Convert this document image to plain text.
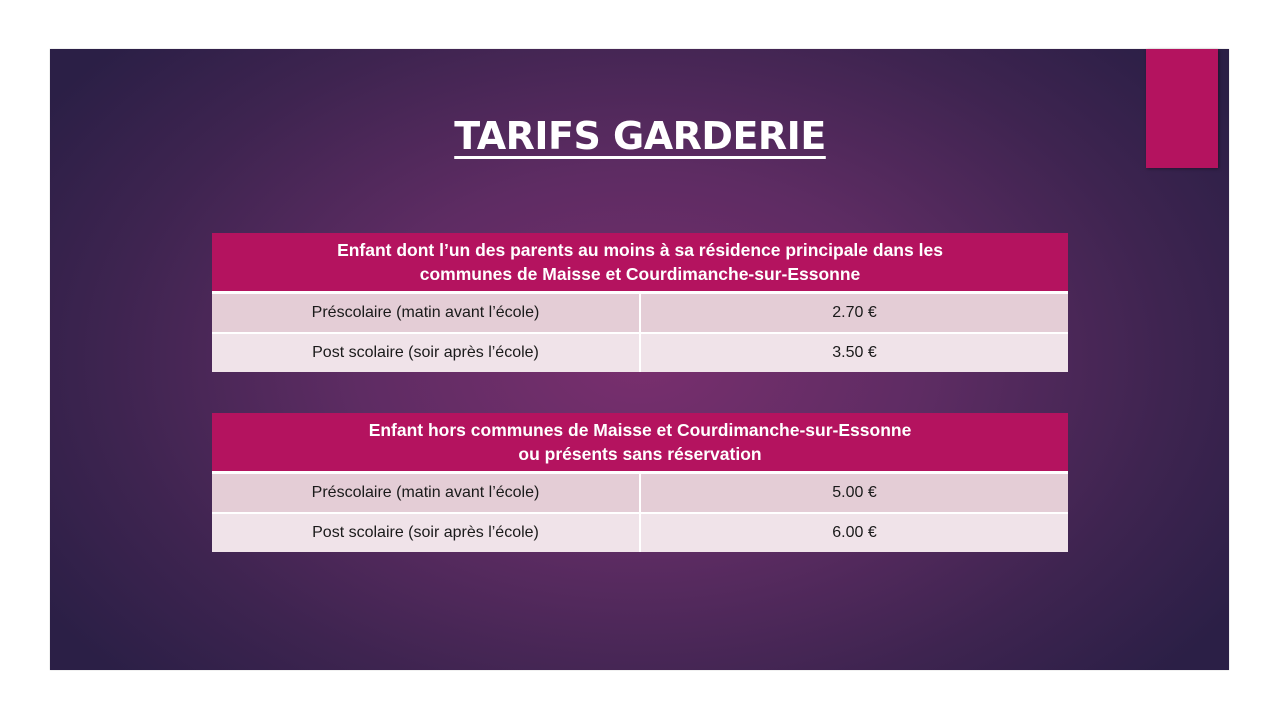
TARIFS GARDERIE
Enfant dont l’un des parents au moins à sa résidence principale dans les
communes de Maisse et Courdimanche-sur-Essonne	

Préscolaire (matin avant l’école)	2.70 €
Post scolaire (soir après l’école)	3.50 €
Enfant hors communes de Maisse et Courdimanche-sur-Essonne
ou présents sans réservation	

Préscolaire (matin avant l’école)	5.00 €
Post scolaire (soir après l’école)	6.00 €
